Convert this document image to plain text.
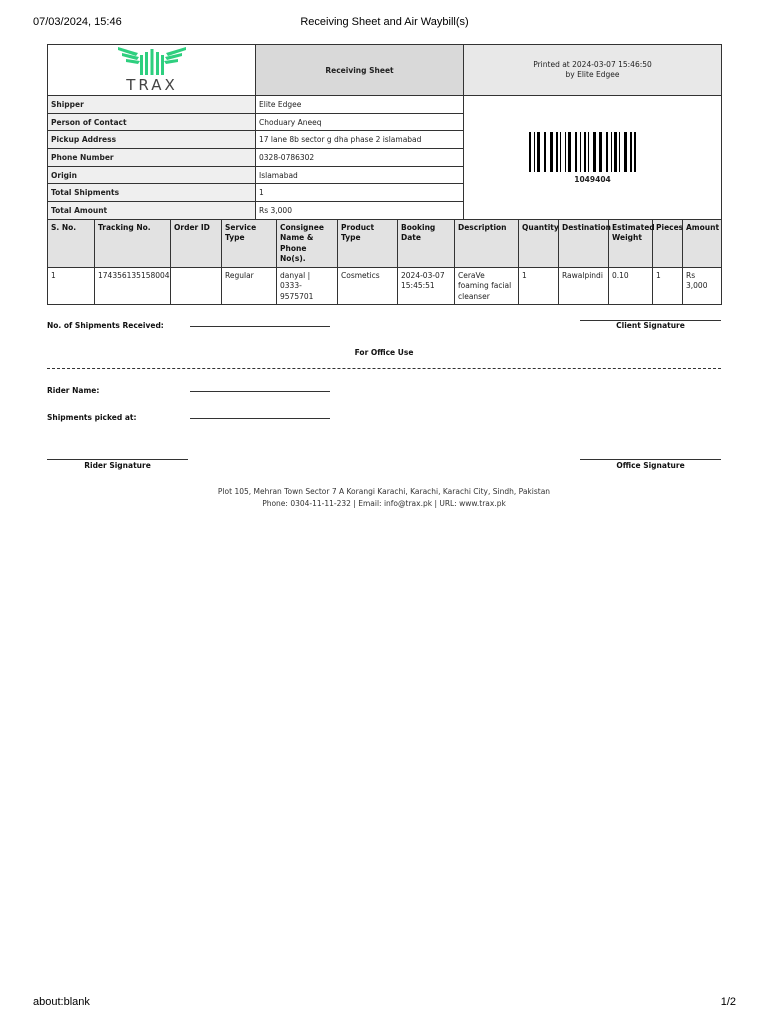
07/03/2024, 15:46	Receiving Sheet and Air Waybill(s)
TRAX	Receiving Sheet	Printed at 2024-03-07 15:46:50
by Elite Edgee

Shipper	Elite Edgee	1049404

Person of Contact	Choduary Aneeq	
Pickup Address	17 lane 8b sector g dha phase 2 islamabad	
Phone Number	0328-0786302	
Origin	Islamabad	
Total Shipments	1	
Total Amount	Rs 3,000	
S. No.	Tracking No.	Order ID	Service Type	Consignee Name & Phone No(s).	Product Type	Booking Date	Description	Quantity	Destination	Estimated Weight	Pieces	Amount
1	174356135158004		Regular	danyal | 0333-9575701	Cosmetics	2024-03-07 15:45:51	CeraVe foaming facial cleanser	1	Rawalpindi	0.10	1	Rs 3,000
No. of Shipments Received:	Client Signature
For Office Use
Rider Name:
Shipments picked at:
Rider Signature	Office Signature
Plot 105, Mehran Town Sector 7 A Korangi Karachi, Karachi, Karachi City, Sindh, Pakistan
Phone: 0304-11-11-232 | Email: info@trax.pk | URL: www.trax.pk
about:blank	1/2
